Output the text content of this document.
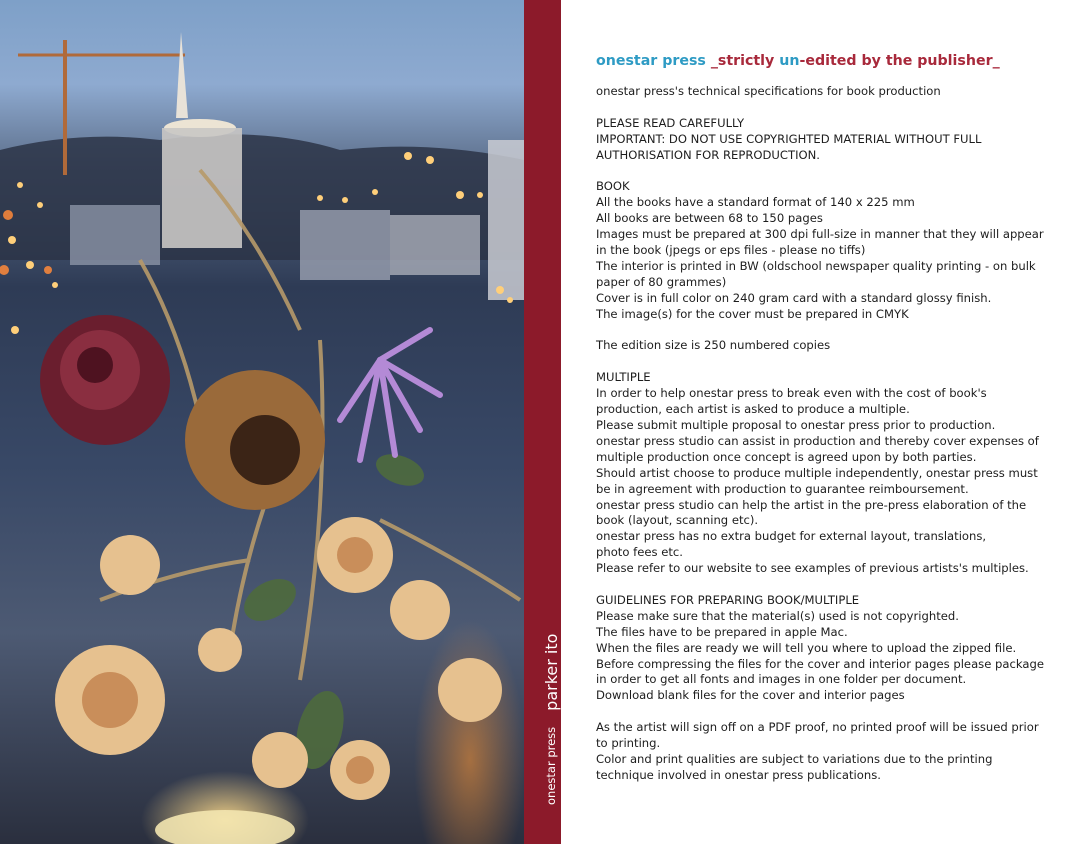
onestar pressparker ito
onestar press _strictly un-edited by the publisher_

onestar press's technical specifications for book production

PLEASE READ CAREFULLY

IMPORTANT: DO NOT USE COPYRIGHTED MATERIAL WITHOUT FULL AUTHORISATION FOR REPRODUCTION.

BOOK

All the books have a standard format of 140 x 225 mm

All books are between 68 to 150 pages

Images must be prepared at 300 dpi full-size in manner that they will appear in the book (jpegs or eps files - please no tiffs)

The interior is printed in BW (oldschool newspaper quality printing - on bulk paper of 80 grammes)

Cover is in full color on 240 gram card with a standard glossy finish.

The image(s) for the cover must be prepared in CMYK

The edition size is 250 numbered copies

MULTIPLE

In order to help onestar press to break even with the cost of book's production, each artist is asked to produce a multiple.

Please submit multiple proposal to onestar press prior to production.

onestar press studio can assist in production and thereby cover expenses of multiple production once concept is agreed upon by both parties.

Should artist choose to produce multiple independently, onestar press must be in agreement with production to guarantee reimboursement.

onestar press studio can help the artist in the pre-press elaboration of the book (layout, scanning etc).

onestar press has no extra budget for external layout, translations,

photo fees etc.

Please refer to our website to see examples of previous artists's multiples.

GUIDELINES FOR PREPARING BOOK/MULTIPLE

Please make sure that the material(s) used is not copyrighted.

The files have to be prepared in apple Mac.

When the files are ready we will tell you where to upload the zipped file.

Before compressing the files for the cover and interior pages please package in order to get all fonts and images in one folder per document.

Download blank files for the cover and interior pages

As the artist will sign off on a PDF proof, no printed proof will be issued prior to printing.

Color and print qualities are subject to variations due to the printing technique involved in onestar press publications.
